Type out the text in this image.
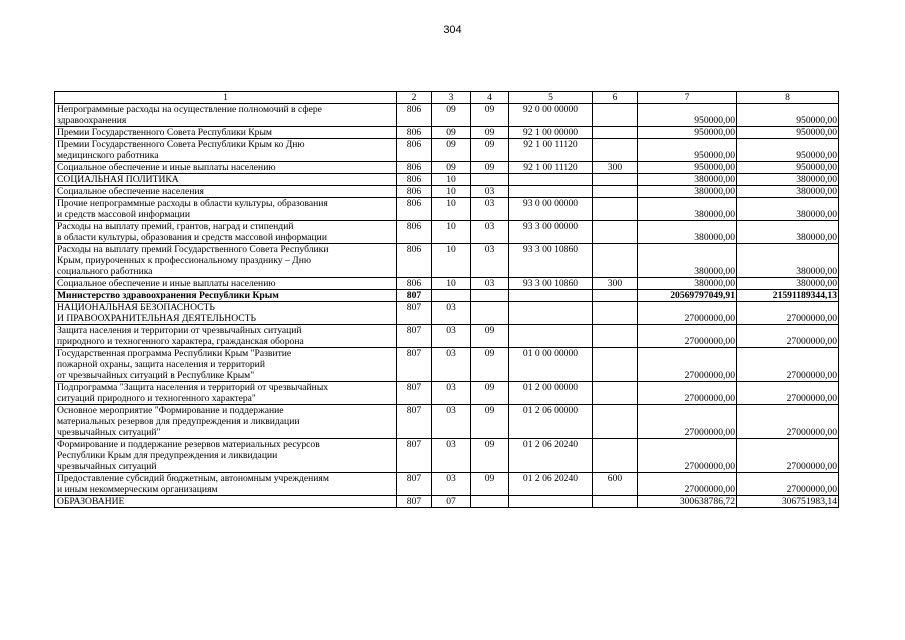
304
1	2	3	4	5	6	7	8
Непрограммные расходы на осуществление полномочий в сфере
здравоохранения	806	09	09	92 0 00 00000		950000,00	950000,00
Премии Государственного Совета Республики Крым	806	09	09	92 1 00 00000		950000,00	950000,00
Премии Государственного Совета Республики Крым ко Дню
медицинского работника	806	09	09	92 1 00 11120		950000,00	950000,00
Социальное обеспечение и иные выплаты населению	806	09	09	92 1 00 11120	300	950000,00	950000,00
СОЦИАЛЬНАЯ ПОЛИТИКА	806	10				380000,00	380000,00
Социальное обеспечение населения	806	10	03			380000,00	380000,00
Прочие непрограммные расходы в области культуры, образования
и средств массовой информации	806	10	03	93 0 00 00000		380000,00	380000,00
Расходы на выплату премий, грантов, наград и стипендий
в области культуры, образования и средств массовой информации	806	10	03	93 3 00 00000		380000,00	380000,00
Расходы на выплату премий Государственного Совета Республики
Крым, приуроченных к профессиональному празднику – Дню
социального работника	806	10	03	93 3 00 10860		380000,00	380000,00
Социальное обеспечение и иные выплаты населению	806	10	03	93 3 00 10860	300	380000,00	380000,00
Министерство здравоохранения Республики Крым	807					20569797049,91	21591189344,13
НАЦИОНАЛЬНАЯ БЕЗОПАСНОСТЬ
И ПРАВООХРАНИТЕЛЬНАЯ ДЕЯТЕЛЬНОСТЬ	807	03				27000000,00	27000000,00
Защита населения и территории от чрезвычайных ситуаций
природного и техногенного характера, гражданская оборона	807	03	09			27000000,00	27000000,00
Государственная программа Республики Крым "Развитие
пожарной охраны, защита населения и территорий
от чрезвычайных ситуаций в Республике Крым"	807	03	09	01 0 00 00000		27000000,00	27000000,00
Подпрограмма "Защита населения и территорий от чрезвычайных
ситуаций природного и техногенного характера"	807	03	09	01 2 00 00000		27000000,00	27000000,00
Основное мероприятие "Формирование и поддержание
материальных резервов для предупреждения и ликвидации
чрезвычайных ситуаций"	807	03	09	01 2 06 00000		27000000,00	27000000,00
Формирование и поддержание резервов материальных ресурсов
Республики Крым для предупреждения и ликвидации
чрезвычайных ситуаций	807	03	09	01 2 06 20240		27000000,00	27000000,00
Предоставление субсидий бюджетным, автономным учреждениям
и иным некоммерческим организациям	807	03	09	01 2 06 20240	600	27000000,00	27000000,00
ОБРАЗОВАНИЕ	807	07				300638786,72	306751983,14
